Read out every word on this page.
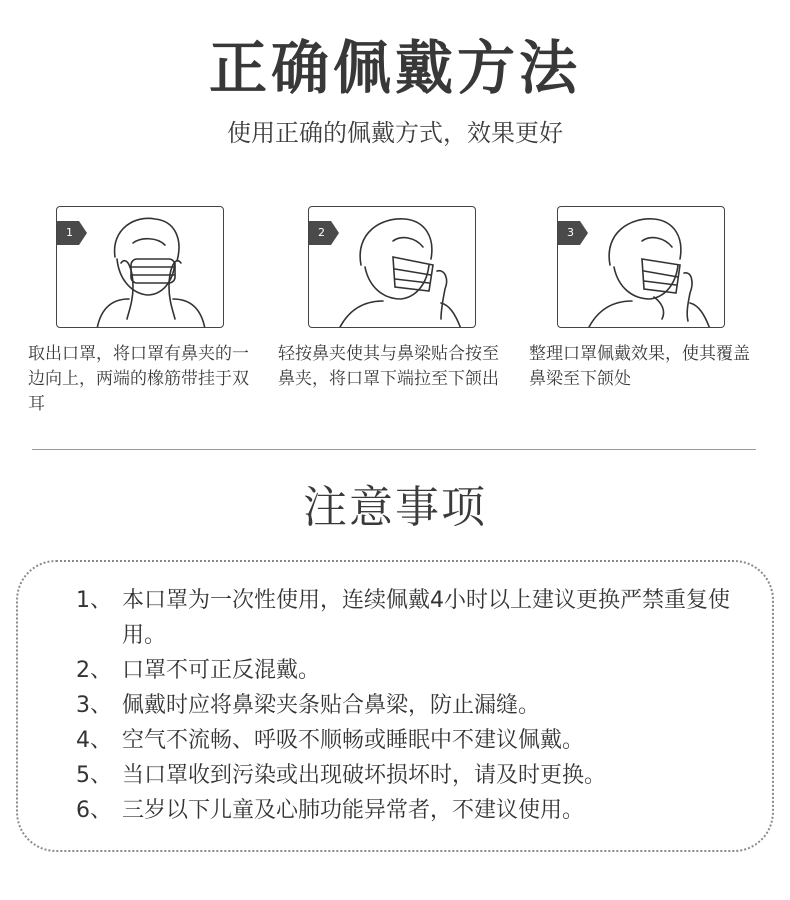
正确佩戴方法
使用正确的佩戴方式，效果更好
1
取出口罩，将口罩有鼻夹的一边向上，两端的橡筋带挂于双耳
2
轻按鼻夹使其与鼻梁贴合按至鼻夹，将口罩下端拉至下颌出
3
整理口罩佩戴效果，使其覆盖鼻梁至下颌处
注意事项
1、 本口罩为一次性使用，连续佩戴4小时以上建议更换严禁重复使用。
2、 口罩不可正反混戴。
3、 佩戴时应将鼻梁夹条贴合鼻梁，防止漏缝。
4、 空气不流畅、呼吸不顺畅或睡眠中不建议佩戴。
5、 当口罩收到污染或出现破坏损坏时，请及时更换。
6、 三岁以下儿童及心肺功能异常者，不建议使用。
